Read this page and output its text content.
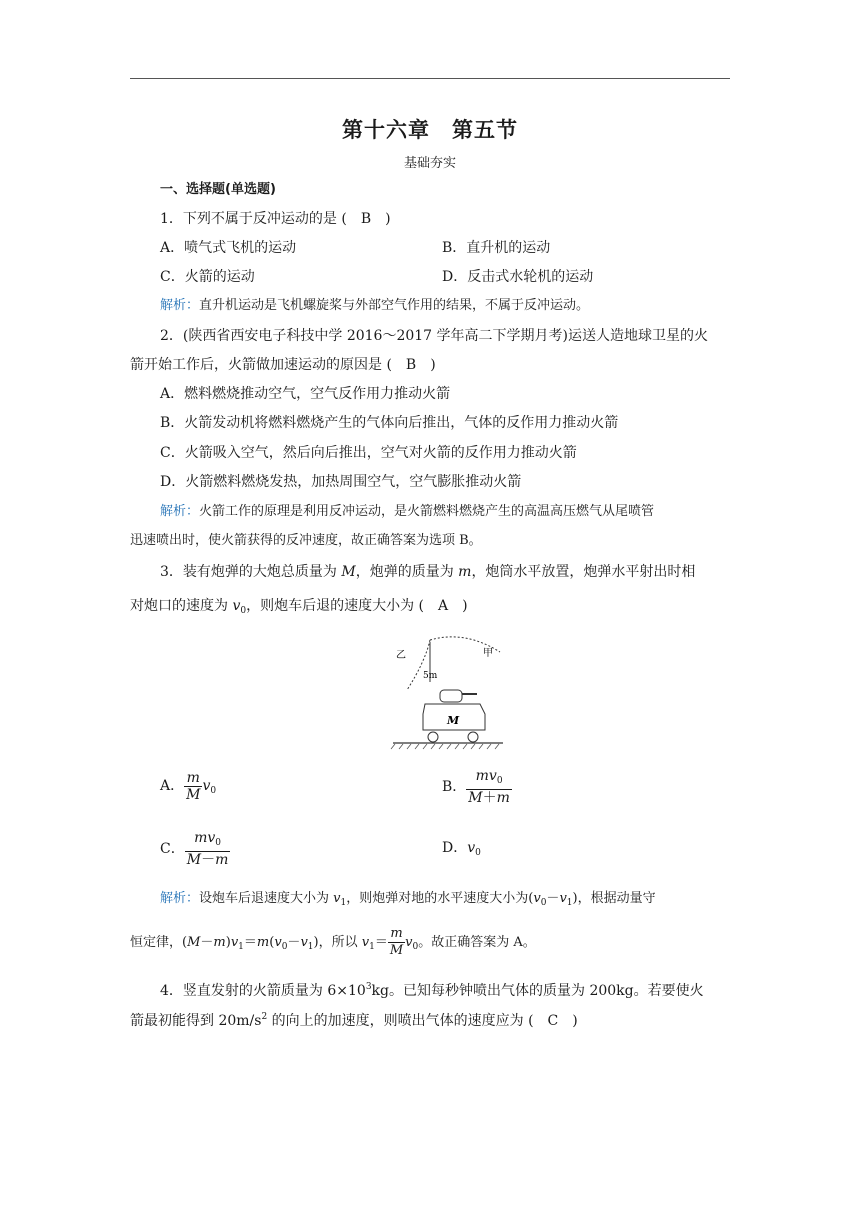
第十六章　第五节
基础夯实
一、选择题(单选题)
1．下列不属于反冲运动的是 (　B　)
A．喷气式飞机的运动	B．直升机的运动
C．火箭的运动	D．反击式水轮机的运动
解析：直升机运动是飞机螺旋桨与外部空气作用的结果，不属于反冲运动。
2．(陕西省西安电子科技中学 2016～2017 学年高二下学期月考)运送人造地球卫星的火
箭开始工作后，火箭做加速运动的原因是 (　B　)
A．燃料燃烧推动空气，空气反作用力推动火箭
B．火箭发动机将燃料燃烧产生的气体向后推出，气体的反作用力推动火箭
C．火箭吸入空气，然后向后推出，空气对火箭的反作用力推动火箭
D．火箭燃料燃烧发热，加热周围空气，空气膨胀推动火箭
解析：火箭工作的原理是利用反冲运动，是火箭燃料燃烧产生的高温高压燃气从尾喷管
迅速喷出时，使火箭获得的反冲速度，故正确答案为选项 B。
3．装有炮弹的大炮总质量为 M，炮弹的质量为 m，炮筒水平放置，炮弹水平射出时相
对炮口的速度为 $v_0$，则炮车后退的速度大小为 (　A　)
乙	甲
5m
M
A． $\frac{m}{M} v_0$	B． $\frac{mv_0}{M+m}$
C． $\frac{mv_0}{M-m}$	D．$v_0$
解析：设炮车后退速度大小为 $v_1$，则炮弹对地的水平速度大小为$(v_0-v_1)$，根据动量守
恒定律，$(M-m)v_1=m(v_0-v_1)$，所以 $v_1= \frac{m}{M} v_0$。故正确答案为 A。
4．竖直发射的火箭质量为 $6\times 10^3kg$。已知每秒钟喷出气体的质量为 200kg。若要使火
箭最初能得到 $20m/s^2$ 的向上的加速度，则喷出气体的速度应为 (　C　)
